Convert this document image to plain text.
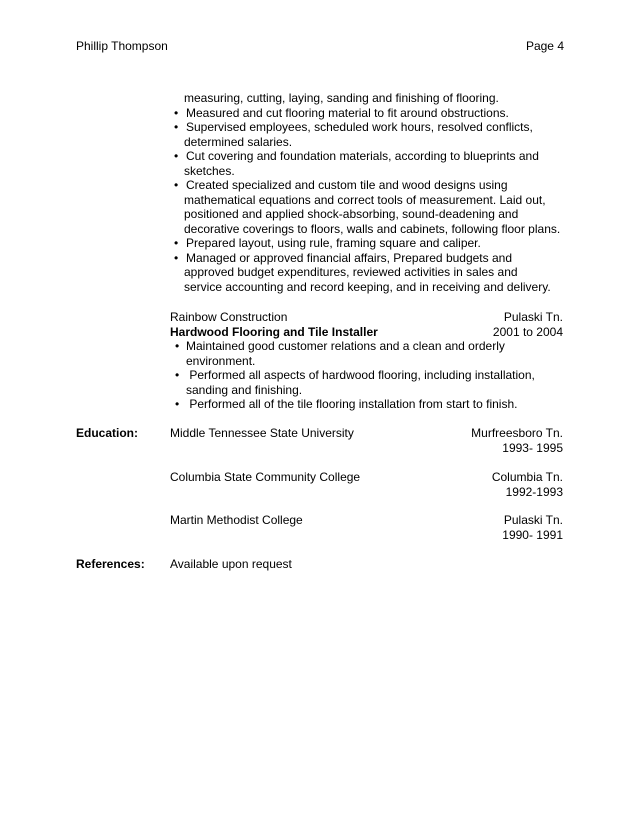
Phillip Thompson	Page 4
measuring, cutting, laying, sanding and finishing of flooring.
• Measured and cut flooring material to fit around obstructions.
• Supervised employees, scheduled work hours, resolved conflicts,
determined salaries.
• Cut covering and foundation materials, according to blueprints and
sketches.
• Created specialized and custom tile and wood designs using
mathematical equations and correct tools of measurement. Laid out,
positioned and applied shock-absorbing, sound-deadening and
decorative coverings to floors, walls and cabinets, following floor plans.
• Prepared layout, using rule, framing square and caliper.
• Managed or approved financial affairs, Prepared budgets and
approved budget expenditures, reviewed activities in sales and
service accounting and record keeping, and in receiving and delivery.
Rainbow Construction	Pulaski Tn.
Hardwood Flooring and Tile Installer	2001 to 2004
• Maintained good customer relations and a clean and orderly
environment.
• Performed all aspects of hardwood flooring, including installation,
sanding and finishing.
• Performed all of the tile flooring installation from start to finish.
Education:	Middle Tennessee State University	Murfreesboro Tn.
1993- 1995
Columbia State Community College	Columbia Tn.
1992-1993
Martin Methodist College	Pulaski Tn.
1990- 1991
References: Available upon request
